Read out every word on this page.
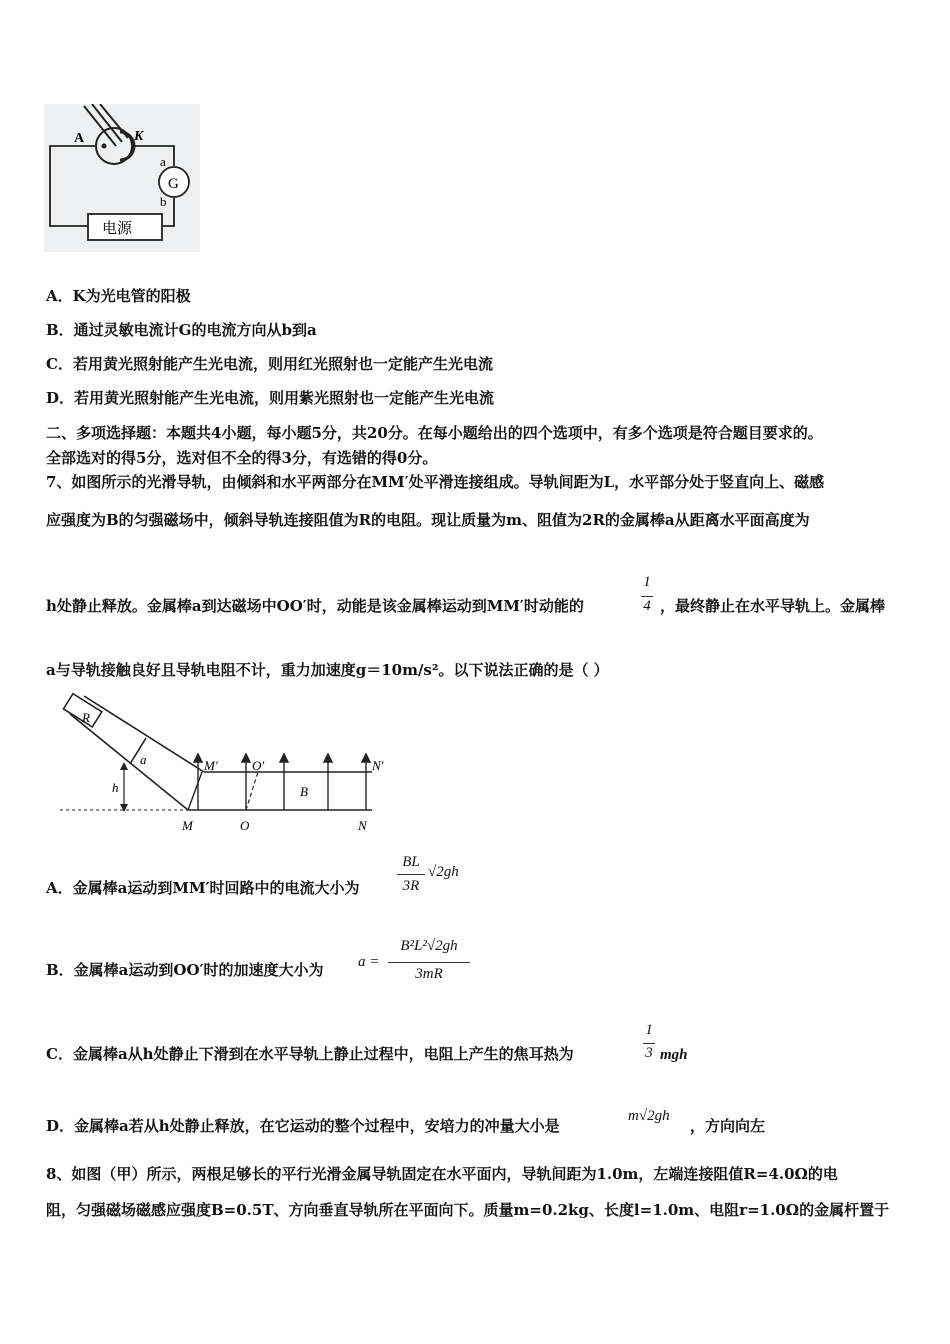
G
a
b
A	K
电源
A．K为光电管的阳极
B．通过灵敏电流计G的电流方向从b到a
C．若用黄光照射能产生光电流，则用红光照射也一定能产生光电流
D．若用黄光照射能产生光电流，则用紫光照射也一定能产生光电流
二、多项选择题：本题共4小题，每小题5分，共20分。在每小题给出的四个选项中，有多个选项是符合题目要求的。
全部选对的得5分，选对但不全的得3分，有选错的得0分。
7、如图所示的光滑导轨，由倾斜和水平两部分在MM′处平滑连接组成。导轨间距为L，水平部分处于竖直向上、磁感
应强度为B的匀强磁场中，倾斜导轨连接阻值为R的电阻。现让质量为m、阻值为2R的金属棒a从距离水平面高度为
h处静止释放。金属棒a到达磁场中OO′时，动能是该金属棒运动到MM′时动能的
1
4 ，最终静止在水平导轨上。金属棒
a与导轨接触良好且导轨电阻不计，重力加速度g＝10m/s²。以下说法正确的是（ ）
R
a
h
M′	O′	N′
B
M	O	N
A．金属棒a运动到MM′时回路中的电流大小为
BL
3R
√2gh
B．金属棒a运动到OO′时的加速度大小为 a =
B²L²√2gh
3mR
C．金属棒a从h处静止下滑到在水平导轨上静止过程中，电阻上产生的焦耳热为
1
3 mgh
D．金属棒a若从h处静止释放，在它运动的整个过程中，安培力的冲量大小是
m√2gh
，方向向左
8、如图（甲）所示，两根足够长的平行光滑金属导轨固定在水平面内，导轨间距为1.0m，左端连接阻值R=4.0Ω的电
阻，匀强磁场磁感应强度B=0.5T、方向垂直导轨所在平面向下。质量m=0.2kg、长度l=1.0m、电阻r=1.0Ω的金属杆置于
